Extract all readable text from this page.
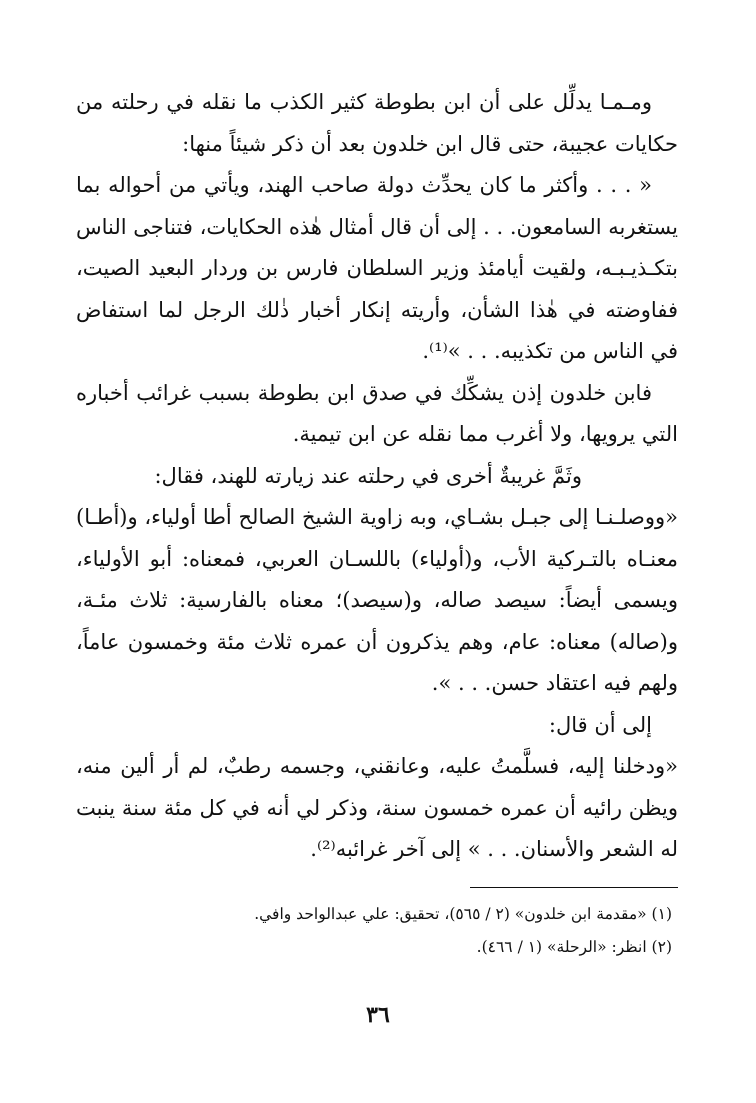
ومـمـا يدلِّل على أن ابن بطوطة كثير الكذب ما نقله في رحلته من حكايات عجيبة، حتى قال ابن خلدون بعد أن ذكر شيئاً منها:

« . . . وأكثر ما كان يحدِّث دولة صاحب الهند، ويأتي من أحواله بما يستغربه السامعون. . . إلى أن قال أمثال هٰذه الحكايات، فتناجى الناس بتكـذيـبـه، ولقيت أيامئذ وزير السلطان فارس بن وردار البعيد الصيت، ففاوضته في هٰذا الشأن، وأريته إنكار أخبار ذٰلك الرجل لما استفاض في الناس من تكذيبه. . . »⁽¹⁾.

فابن خلدون إذن يشكِّك في صدق ابن بطوطة بسبب غرائب أخباره التي يرويها، ولا أغرب مما نقله عن ابن تيمية.

وثَمَّ غريبةٌ أخرى في رحلته عند زيارته للهند، فقال:

«ووصلـنـا إلى جبـل بشـاي، وبه زاوية الشيخ الصالح أطا أولياء، و(أطـا) معنـاه بالتـركية الأب، و(أولياء) باللسـان العربي، فمعناه: أبو الأولياء، ويسمى أيضاً: سيصد صاله، و(سيصد)؛ معناه بالفارسية: ثلاث مئـة، و(صاله) معناه: عام، وهم يذكرون أن عمره ثلاث مئة وخمسون عاماً، ولهم فيه اعتقاد حسن. . . ».

إلى أن قال:

«ودخلنا إليه، فسلَّمتُ عليه، وعانقني، وجسمه رطبٌ، لم أر ألين منه، ويظن رائيه أن عمره خمسون سنة، وذكر لي أنه في كل مئة سنة ينبت له الشعر والأسنان. . . » إلى آخر غرائبه⁽²⁾.

(١) «مقدمة ابن خلدون» (٢ / ٥٦٥)، تحقيق: علي عبدالواحد وافي.

(٢) انظر: «الرحلة» (١ / ٤٦٦).

٣٦
